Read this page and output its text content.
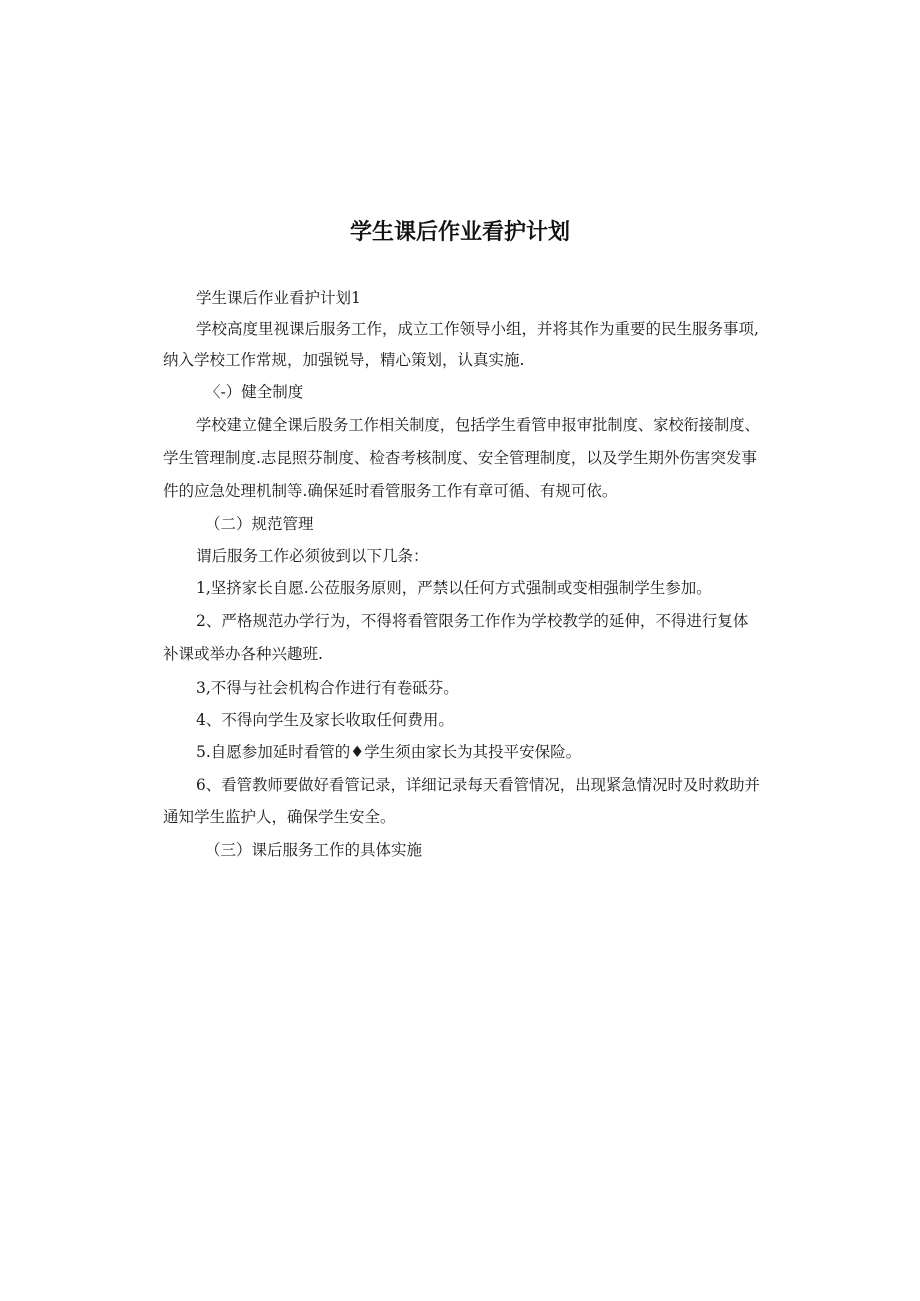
学生课后作业看护计划
学生课后作业看护计划1
学校高度里视课后服务工作，成立工作领导小组，并将其作为重要的民生服务事项,
纳入学校工作常规，加强锐导，精心策划，认真实施.
〈-）健全制度
学校建立健全课后股务工作相关制度，包括学生看管申报审批制度、家校衔接制度、
学生管理制度.志昆照芬制度、检杳考核制度、安全管理制度，以及学生期外伤害突发事
件的应急处理机制等.确保延时看管服务工作有章可循、有规可依。
（二）规范管理
谓后服务工作必须彼到以下几条：
1,坚挤家长自愿.公莅服务原则，严禁以任何方式强制或变相强制学生参加。
2、严格规范办学行为，不得将看管限务工作作为学校教学的延伸，不得进行复体
补课或举办各种兴趣班.
3,不得与社会机构合作进行有卷砥芬。
4、不得向学生及家长收取任何费用。
5.自愿参加延时看管的♦学生须由家长为其投平安保险。
6、看管教师要做好看管记录，详细记录每天看管情况，出现紧急情况时及时救助并
通知学生监护人，确保学生安全。
（三）课后服务工作的具体实施
